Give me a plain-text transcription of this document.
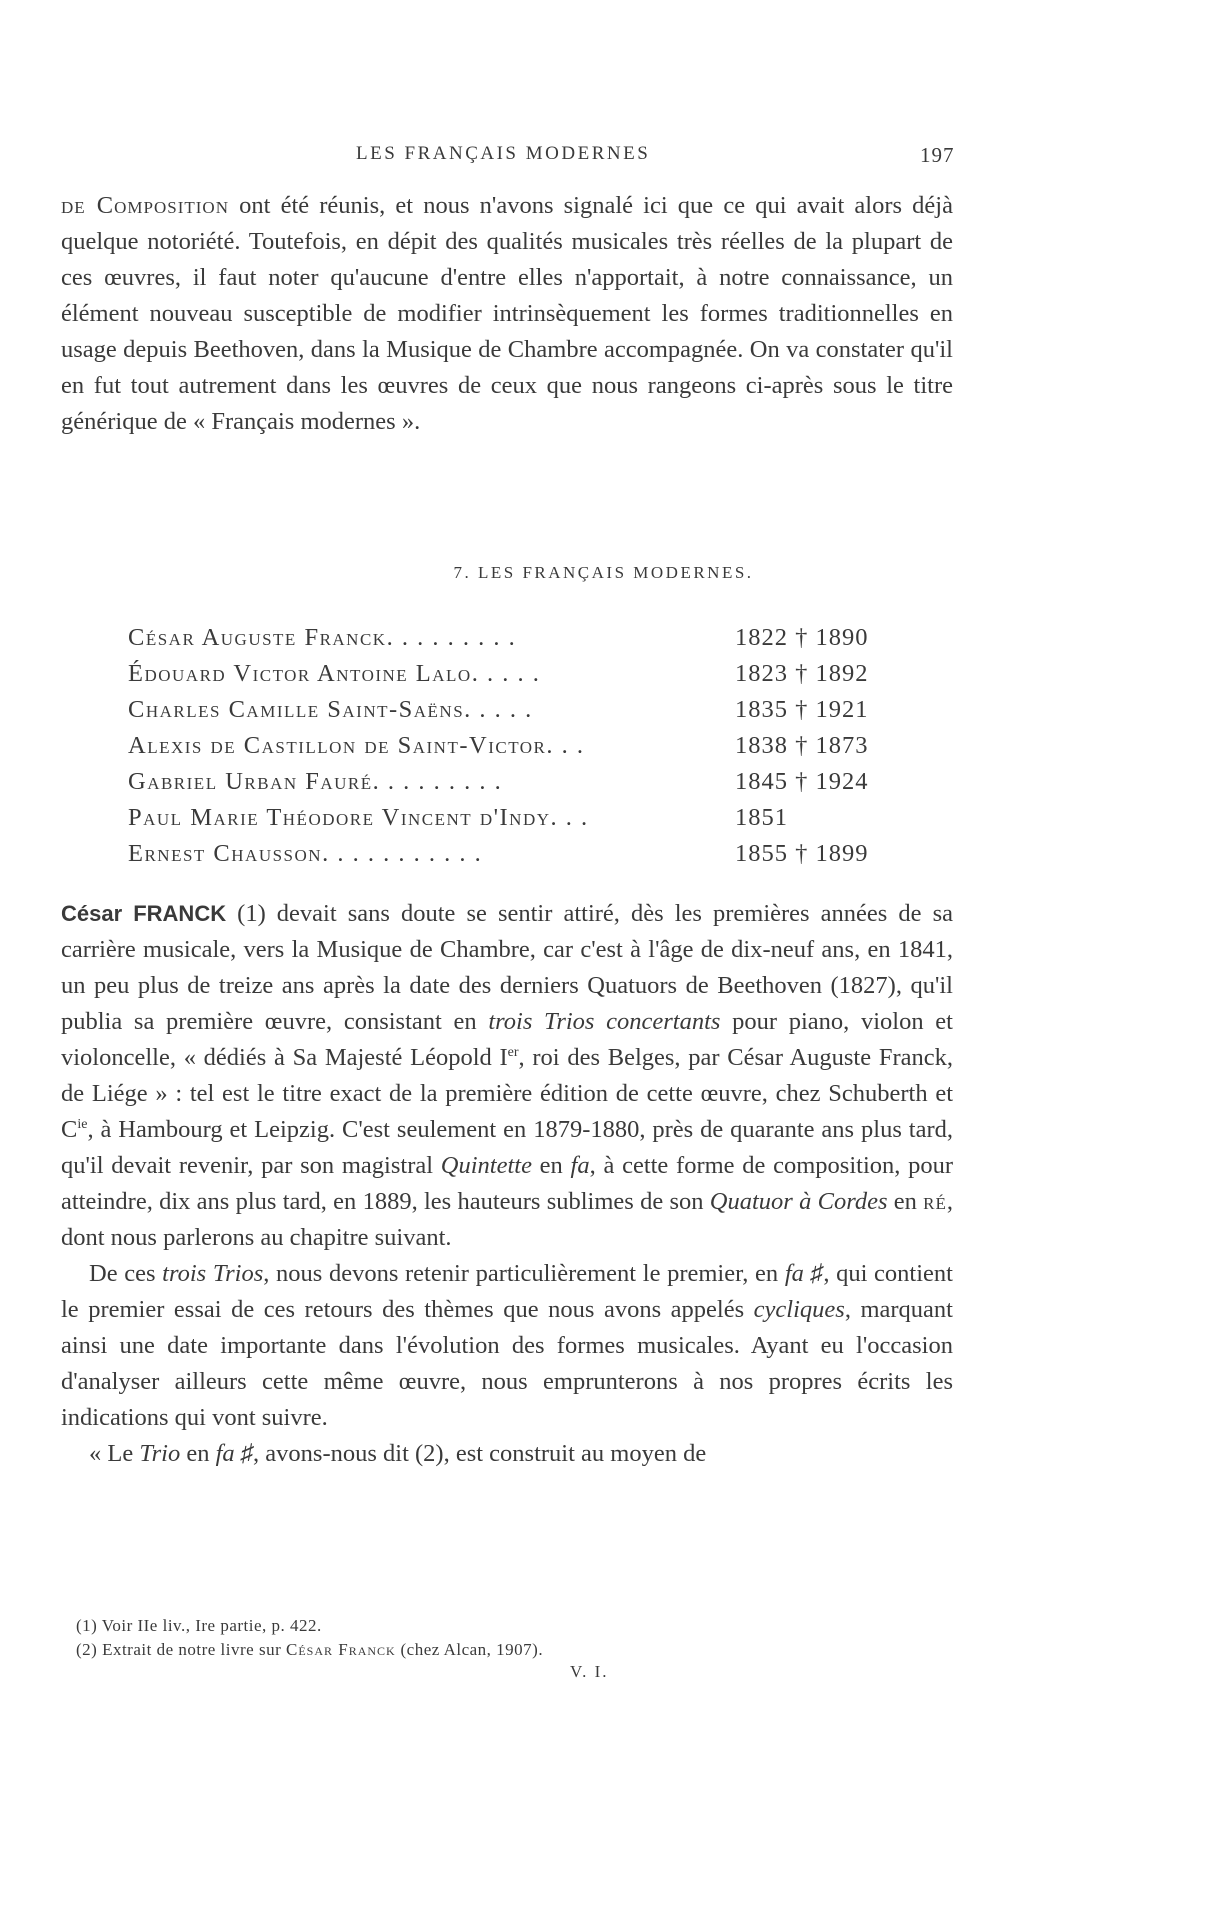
LES FRANÇAIS MODERNES	197

de Composition ont été réunis, et nous n'avons signalé ici que ce qui avait alors déjà quelque notoriété. Toutefois, en dépit des qualités musicales très réelles de la plupart de ces œuvres, il faut noter qu'aucune d'entre elles n'apportait, à notre connaissance, un élément nouveau susceptible de modifier intrinsèquement les formes traditionnelles en usage depuis Beethoven, dans la Musique de Chambre accompagnée. On va constater qu'il en fut tout autrement dans les œuvres de ceux que nous rangeons ci-après sous le titre générique de « Français modernes ».

7. LES FRANÇAIS MODERNES.
César Auguste Franck. . . . . . . . .	1822 † 1890
Édouard Victor Antoine Lalo. . . . .	1823 † 1892
Charles Camille Saint-Saëns. . . . .	1835 † 1921
Alexis de Castillon de Saint-Victor. . .	1838 † 1873
Gabriel Urban Fauré. . . . . . . . .	1845 † 1924
Paul Marie Théodore Vincent d'Indy. . .	1851
Ernest Chausson. . . . . . . . . . .	1855 † 1899

César FRANCK (1) devait sans doute se sentir attiré, dès les premières années de sa carrière musicale, vers la Musique de Chambre, car c'est à l'âge de dix-neuf ans, en 1841, un peu plus de treize ans après la date des derniers Quatuors de Beethoven (1827), qu'il publia sa première œuvre, consistant en trois Trios concertants pour piano, violon et violoncelle, « dédiés à Sa Majesté Léopold Ier, roi des Belges, par César Auguste Franck, de Liége » : tel est le titre exact de la première édition de cette œuvre, chez Schuberth et $C^{ie}$, à Hambourg et Leipzig. C'est seulement en 1879-1880, près de quarante ans plus tard, qu'il devait revenir, par son magistral Quintette en fa, à cette forme de composition, pour atteindre, dix ans plus tard, en 1889, les hauteurs sublimes de son Quatuor à Cordes en ré, dont nous parlerons au chapitre suivant.

De ces trois Trios, nous devons retenir particulièrement le premier, en fa ♯, qui contient le premier essai de ces retours des thèmes que nous avons appelés cycliques, marquant ainsi une date importante dans l'évolution des formes musicales. Ayant eu l'occasion d'analyser ailleurs cette même œuvre, nous emprunterons à nos propres écrits les indications qui vont suivre.

« Le Trio en fa ♯, avons-nous dit (2), est construit au moyen de

(1) Voir IIe liv., Ire partie, p. 422.

(2) Extrait de notre livre sur César Franck (chez Alcan, 1907).

V. I.
